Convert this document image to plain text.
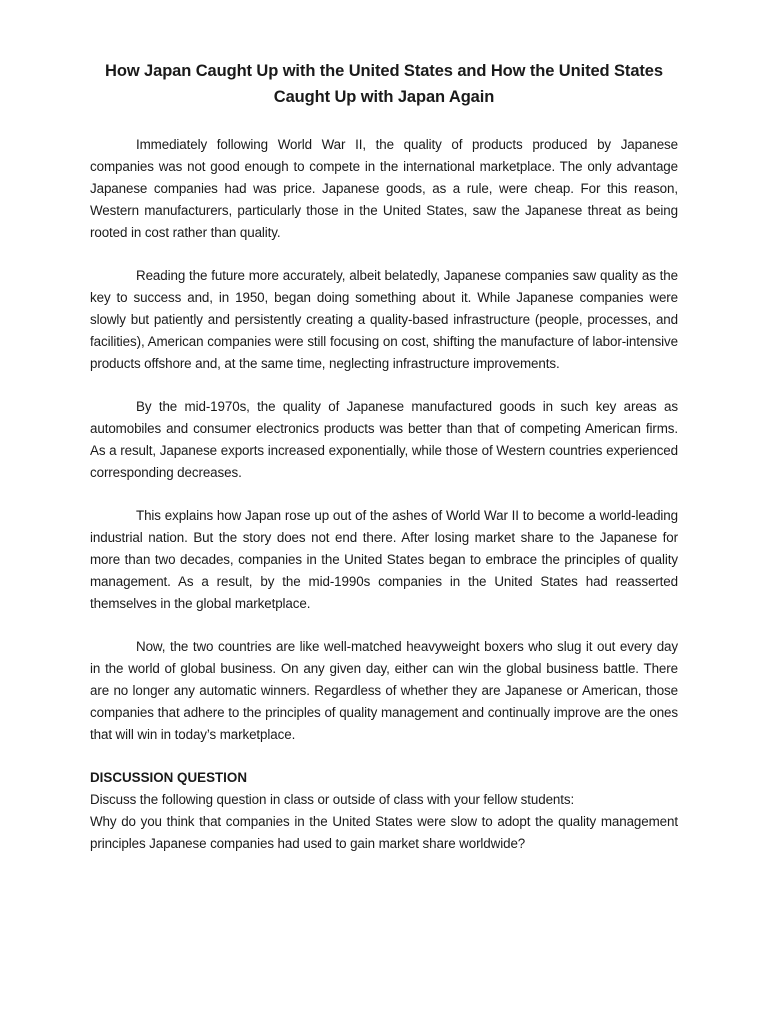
How Japan Caught Up with the United States and How the United States Caught Up with Japan Again

Immediately following World War II, the quality of products produced by Japanese companies was not good enough to compete in the international marketplace. The only advantage Japanese companies had was price. Japanese goods, as a rule, were cheap. For this reason, Western manufacturers, particularly those in the United States, saw the Japanese threat as being rooted in cost rather than quality.

Reading the future more accurately, albeit belatedly, Japanese companies saw quality as the key to success and, in 1950, began doing something about it. While Japanese companies were slowly but patiently and persistently creating a quality-based infrastructure (people, processes, and facilities), American companies were still focusing on cost, shifting the manufacture of labor-intensive products offshore and, at the same time, neglecting infrastructure improvements.

By the mid-1970s, the quality of Japanese manufactured goods in such key areas as automobiles and consumer electronics products was better than that of competing American firms. As a result, Japanese exports increased exponentially, while those of Western countries experienced corresponding decreases.

This explains how Japan rose up out of the ashes of World War II to become a world-leading industrial nation. But the story does not end there. After losing market share to the Japanese for more than two decades, companies in the United States began to embrace the principles of quality management. As a result, by the mid-1990s companies in the United States had reasserted themselves in the global marketplace.

Now, the two countries are like well-matched heavyweight boxers who slug it out every day in the world of global business. On any given day, either can win the global business battle. There are no longer any automatic winners. Regardless of whether they are Japanese or American, those companies that adhere to the principles of quality management and continually improve are the ones that will win in today’s marketplace.

DISCUSSION QUESTION

Discuss the following question in class or outside of class with your fellow students:

Why do you think that companies in the United States were slow to adopt the quality management principles Japanese companies had used to gain market share worldwide?
